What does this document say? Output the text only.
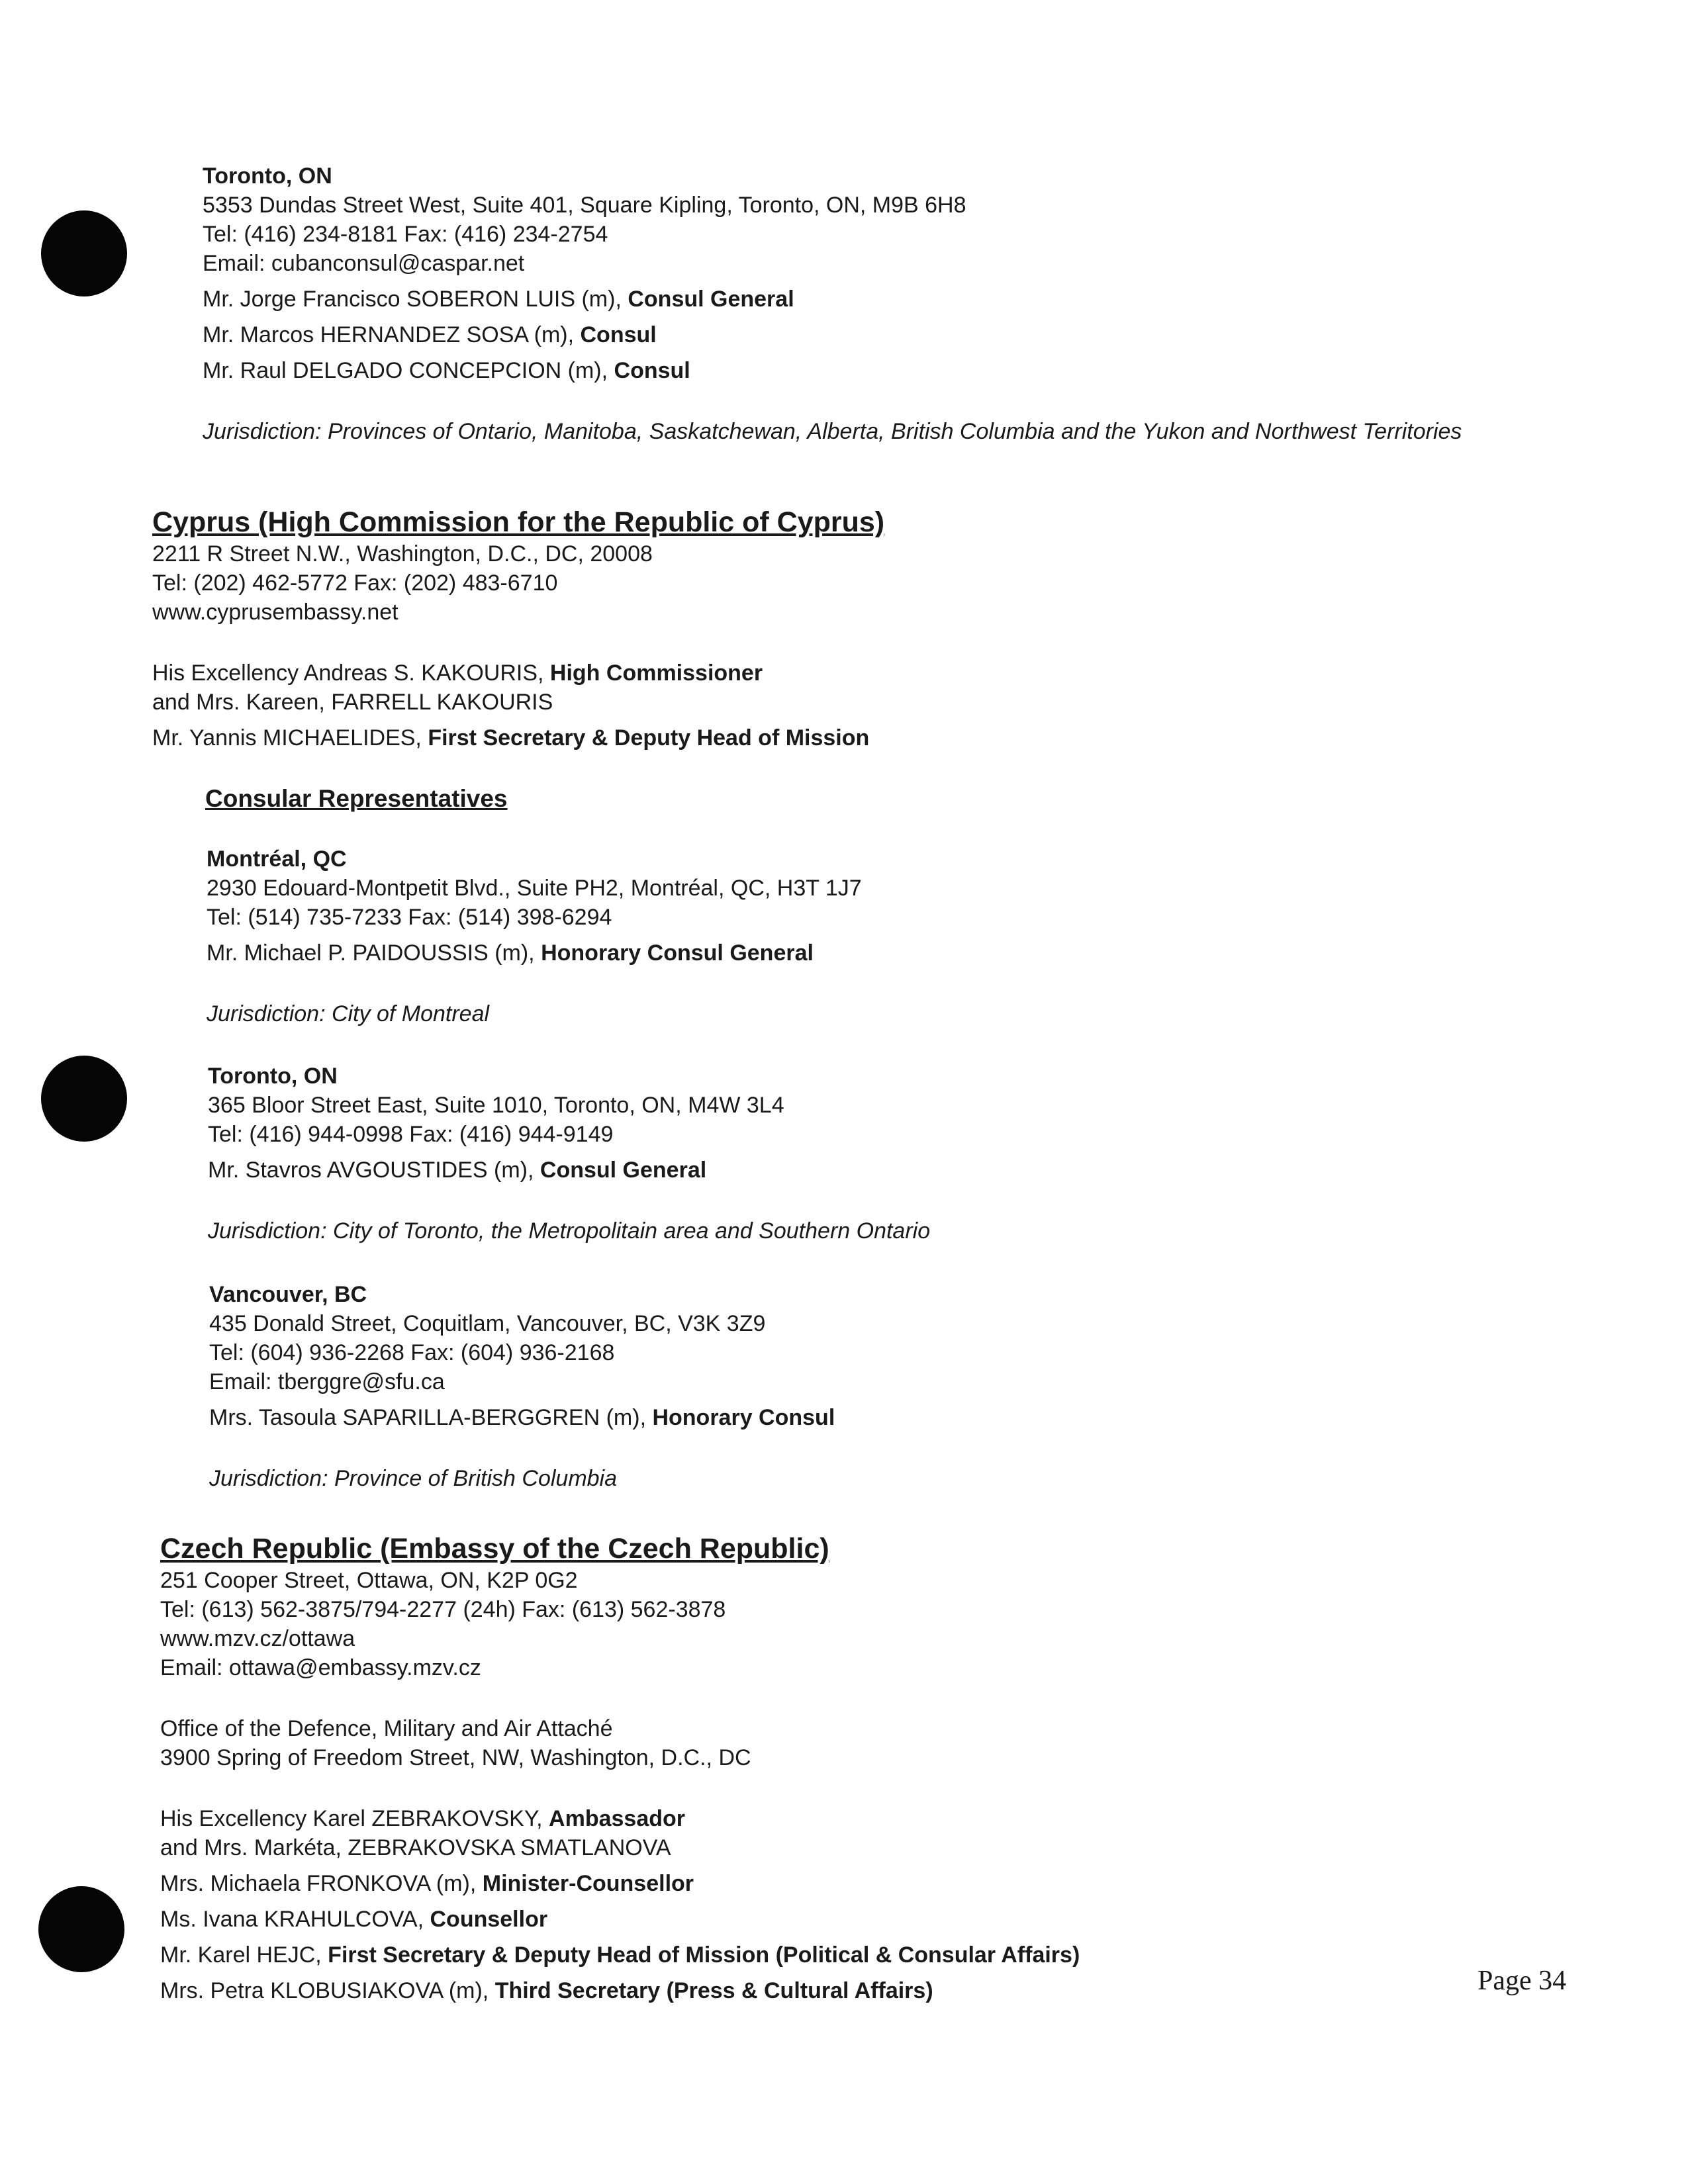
Toronto, ON
5353 Dundas Street West, Suite 401, Square Kipling, Toronto, ON, M9B 6H8
Tel: (416) 234-8181 Fax: (416) 234-2754
Email: cubanconsul@caspar.net
Mr. Jorge Francisco SOBERON LUIS (m), Consul General
Mr. Marcos HERNANDEZ SOSA (m), Consul
Mr. Raul DELGADO CONCEPCION (m), Consul
Jurisdiction: Provinces of Ontario, Manitoba, Saskatchewan, Alberta, British Columbia and the Yukon and Northwest Territories
Cyprus (High Commission for the Republic of Cyprus)
2211 R Street N.W., Washington, D.C., DC, 20008
Tel: (202) 462-5772 Fax: (202) 483-6710
www.cyprusembassy.net
His Excellency Andreas S. KAKOURIS, High Commissioner
and Mrs. Kareen, FARRELL KAKOURIS
Mr. Yannis MICHAELIDES, First Secretary & Deputy Head of Mission
Consular Representatives
Montréal, QC
2930 Edouard-Montpetit Blvd., Suite PH2, Montréal, QC, H3T 1J7
Tel: (514) 735-7233 Fax: (514) 398-6294
Mr. Michael P. PAIDOUSSIS (m), Honorary Consul General
Jurisdiction: City of Montreal
Toronto, ON
365 Bloor Street East, Suite 1010, Toronto, ON, M4W 3L4
Tel: (416) 944-0998 Fax: (416) 944-9149
Mr. Stavros AVGOUSTIDES (m), Consul General
Jurisdiction: City of Toronto, the Metropolitain area and Southern Ontario
Vancouver, BC
435 Donald Street, Coquitlam, Vancouver, BC, V3K 3Z9
Tel: (604) 936-2268 Fax: (604) 936-2168
Email: tberggre@sfu.ca
Mrs. Tasoula SAPARILLA-BERGGREN (m), Honorary Consul
Jurisdiction: Province of British Columbia
Czech Republic (Embassy of the Czech Republic)
251 Cooper Street, Ottawa, ON, K2P 0G2
Tel: (613) 562-3875/794-2277 (24h) Fax: (613) 562-3878
www.mzv.cz/ottawa
Email: ottawa@embassy.mzv.cz
Office of the Defence, Military and Air Attaché
3900 Spring of Freedom Street, NW, Washington, D.C., DC
His Excellency Karel ZEBRAKOVSKY, Ambassador
and Mrs. Markéta, ZEBRAKOVSKA SMATLANOVA
Mrs. Michaela FRONKOVA (m), Minister-Counsellor
Ms. Ivana KRAHULCOVA, Counsellor
Mr. Karel HEJC, First Secretary & Deputy Head of Mission (Political & Consular Affairs)
Mrs. Petra KLOBUSIAKOVA (m), Third Secretary (Press & Cultural Affairs)	Page 34
